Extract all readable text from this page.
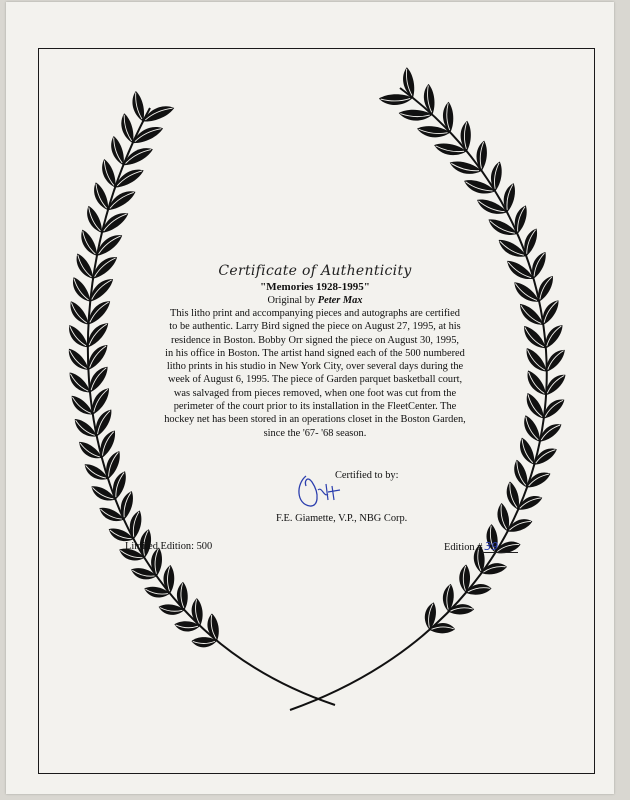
Certificate of Authenticity
"Memories 1928-1995"
Original by Peter Max
This litho print and accompanying pieces and autographs are certified
to be authentic. Larry Bird signed the piece on August 27, 1995, at his
residence in Boston. Bobby Orr signed the piece on August 30, 1995,
in his office in Boston. The artist hand signed each of the 500 numbered
litho prints in his studio in New York City, over several days during the
week of August 6, 1995. The piece of Garden parquet basketball court,
was salvaged from pieces removed, when one foot was cut from the
perimeter of the court prior to its installation in the FleetCenter. The
hockey net has been stored in an operations closet in the Boston Garden,
since the '67- '68 season.
Certified to by:
F.E. Giamette, V.P., NBG Corp.
Limited Edition: 500	Edition # 39
